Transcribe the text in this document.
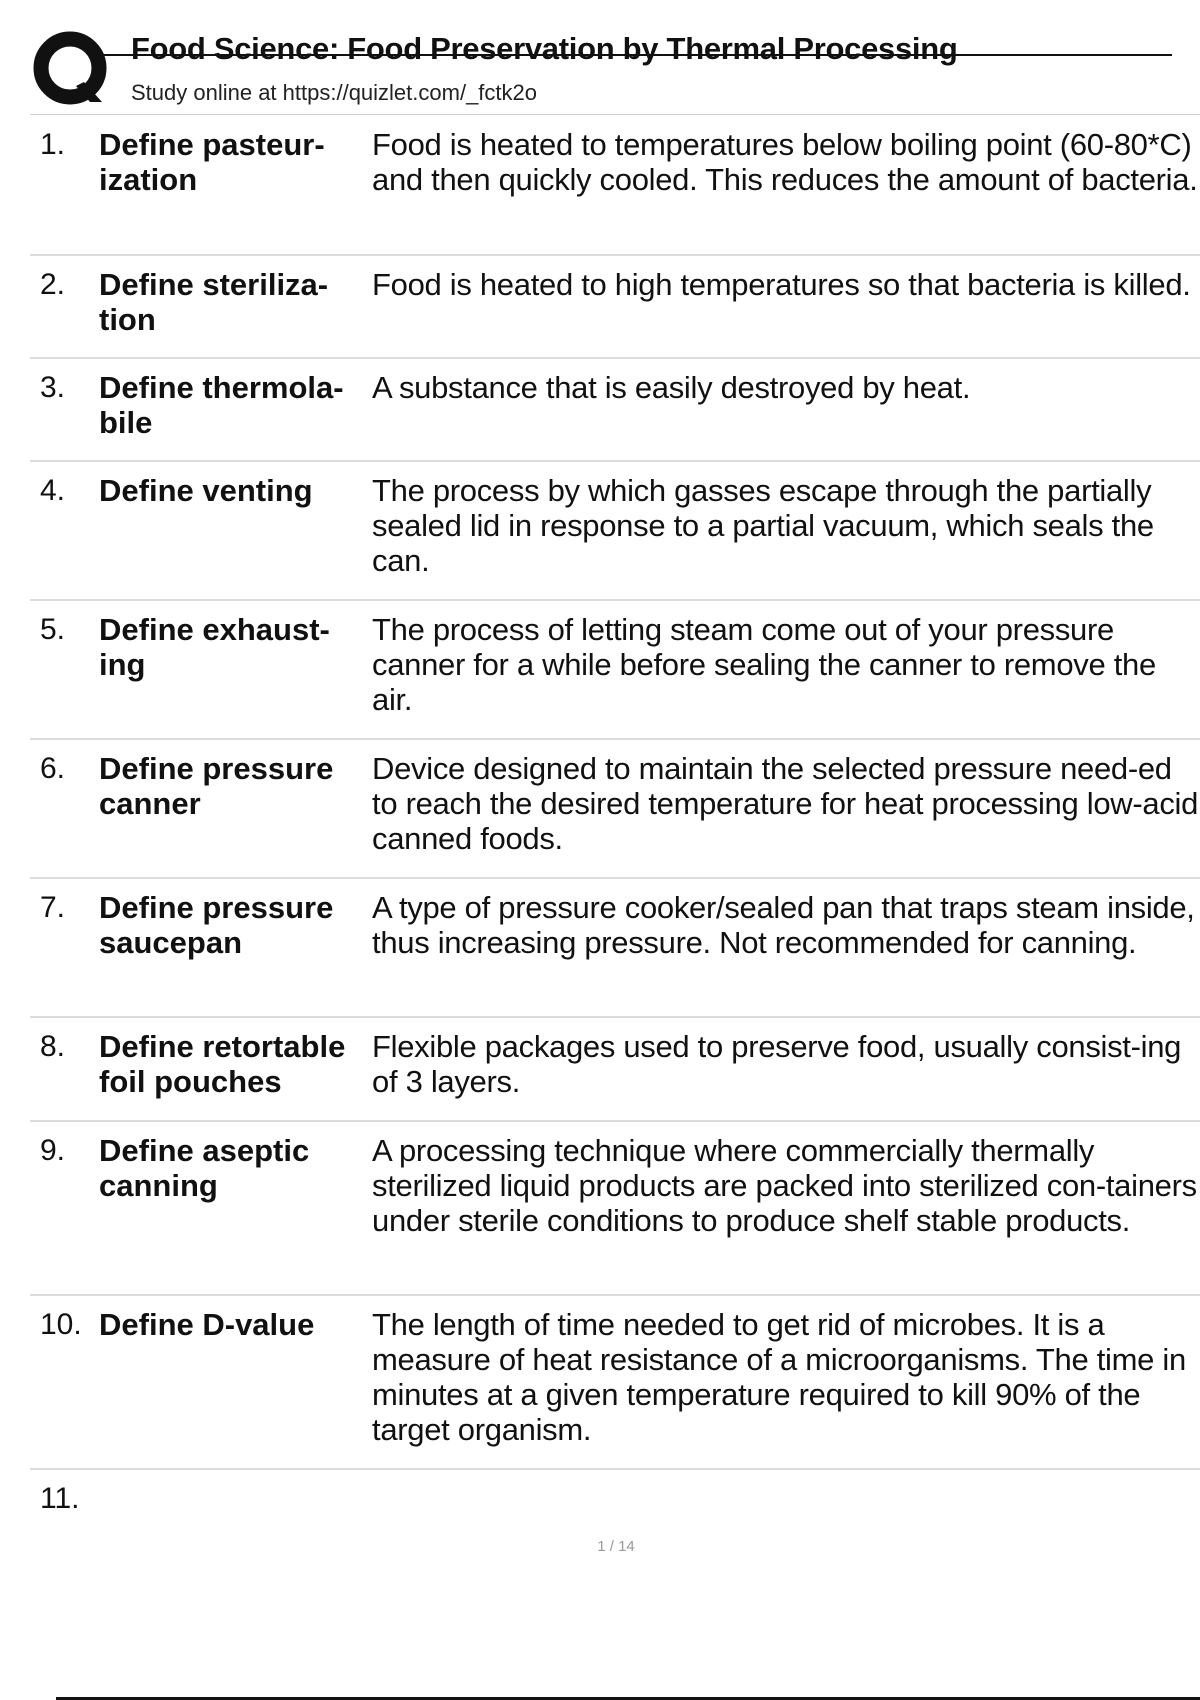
Food Science: Food Preservation by Thermal Processing
Study online at https://quizlet.com/_fctk2o
1. Define pasteur-ization
Food is heated to temperatures below boiling point (60-80*C) and then quickly cooled. This reduces the amount of bacteria.
2. Define steriliza-tion
Food is heated to high temperatures so that bacteria is killed.
3. Define thermola-bile
A substance that is easily destroyed by heat.
4. Define venting	The process by which gasses escape through the partially sealed lid in response to a partial vacuum, which seals the can.
5. Define exhaust-ing
The process of letting steam come out of your pressure canner for a while before sealing the canner to remove the air.
6. Define pressure canner
Device designed to maintain the selected pressure need-ed to reach the desired temperature for heat processing low-acid canned foods.
7. Define pressure saucepan
A type of pressure cooker/sealed pan that traps steam inside, thus increasing pressure. Not recommended for canning.
8. Define retortable foil pouches
Flexible packages used to preserve food, usually consist-ing of 3 layers.
9. Define aseptic canning
A processing technique where commercially thermally sterilized liquid products are packed into sterilized con-tainers under sterile conditions to produce shelf stable products.
10. Define D-value	The length of time needed to get rid of microbes. It is a measure of heat resistance of a microorganisms. The time in minutes at a given temperature required to kill 90% of the target organism.
11.
1 / 14
